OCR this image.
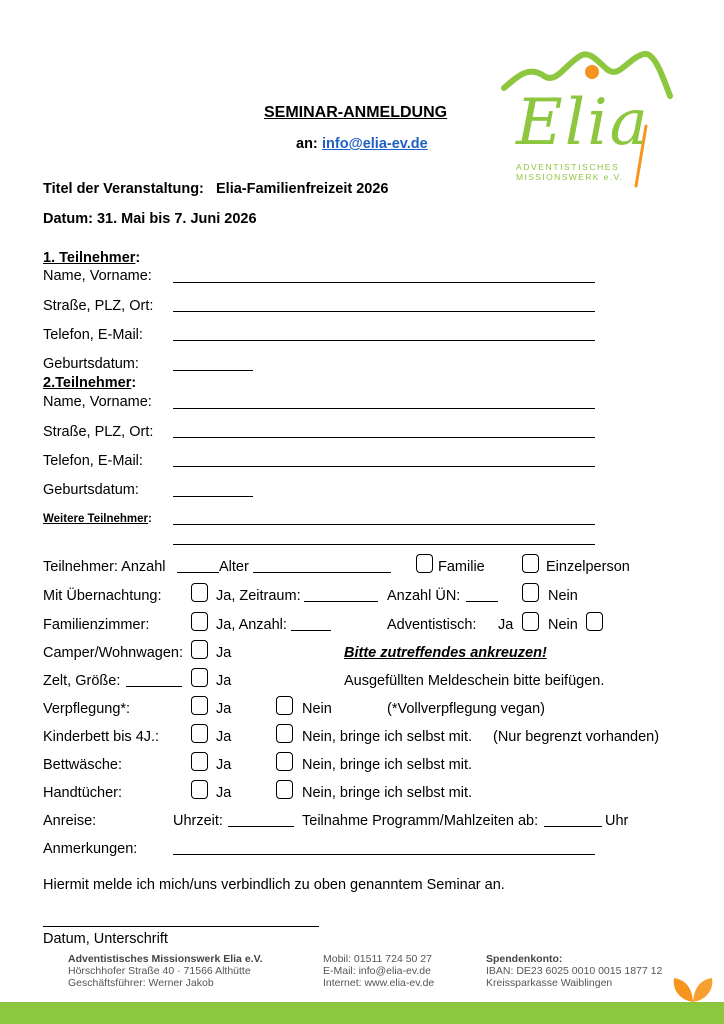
Elia
ADVENTISTISCHES
MISSIONSWERK e.V.
SEMINAR-ANMELDUNG
an: info@elia-ev.de
Titel der Veranstaltung: Elia-Familienfreizeit 2026
Datum: 31. Mai bis 7. Juni 2026
1. Teilnehmer:
Name, Vorname:
Straße, PLZ, Ort:
Telefon, E-Mail:
Geburtsdatum:
2.Teilnehmer:
Name, Vorname:
Straße, PLZ, Ort:
Telefon, E-Mail:
Geburtsdatum:
Weitere Teilnehmer:
Teilnehmer: Anzahl	Alter	Familie	Einzelperson
Mit Übernachtung:	Ja, Zeitraum:	Anzahl ÜN:	Nein
Familienzimmer:	Ja, Anzahl:	Adventistisch: Ja Nein
Camper/Wohnwagen: Ja	Bitte zutreffendes ankreuzen!
Zelt, Größe:	Ja	Ausgefüllten Meldeschein bitte beifügen.
Verpflegung*:	Ja	Nein	(*Vollverpflegung vegan)
Kinderbett bis 4J.:	Ja	Nein, bringe ich selbst mit. (Nur begrenzt vorhanden)
Bettwäsche:	Ja	Nein, bringe ich selbst mit.
Handtücher:	Ja	Nein, bringe ich selbst mit.
Anreise:	Uhrzeit:	Teilnahme Programm/Mahlzeiten ab:	Uhr
Anmerkungen:
Hiermit melde ich mich/uns verbindlich zu oben genanntem Seminar an.
Datum, Unterschrift
Adventistisches Missionswerk Elia e.V.
Hörschhofer Straße 40 · 71566 Althütte
Geschäftsführer: Werner Jakob
Mobil: 01511 724 50 27
E-Mail: info@elia-ev.de
Internet: www.elia-ev.de
Spendenkonto:
IBAN: DE23 6025 0010 0015 1877 12
Kreissparkasse Waiblingen
